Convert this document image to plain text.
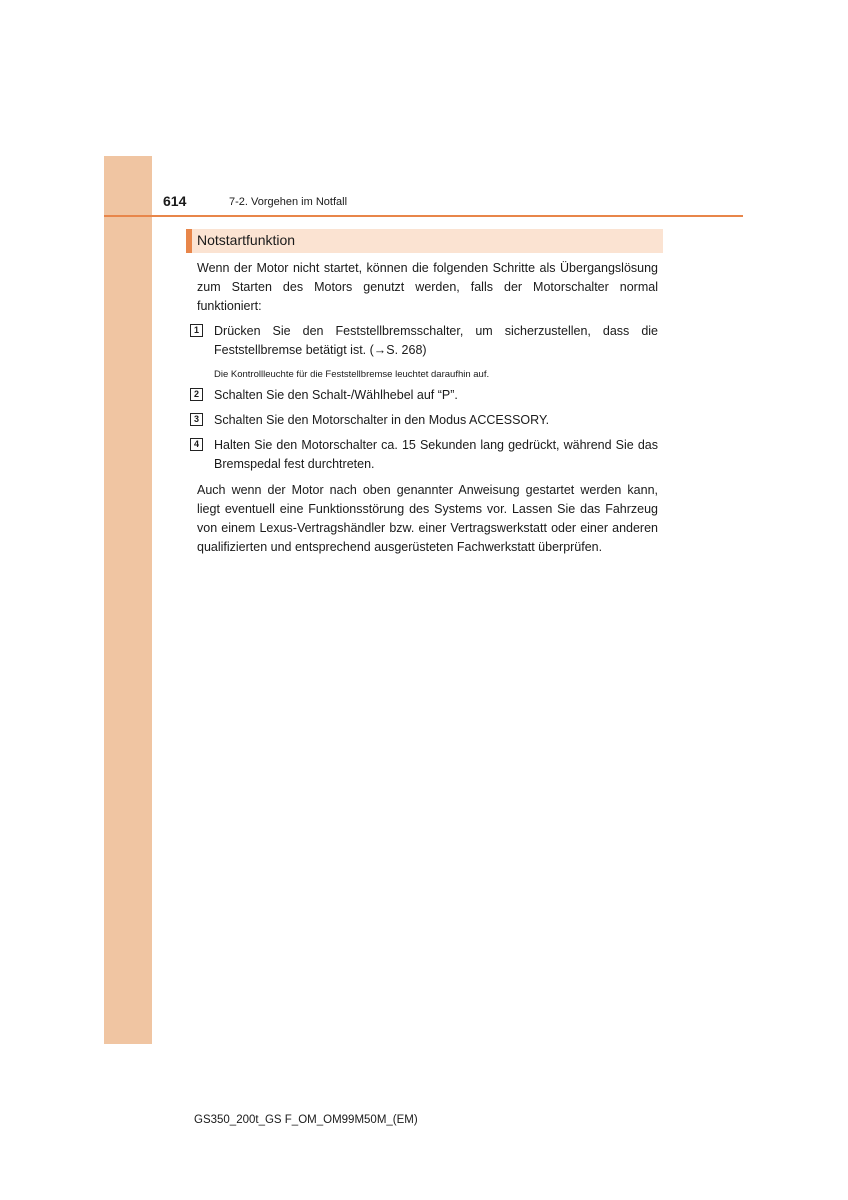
614	7-2. Vorgehen im Notfall
Notstartfunktion

Wenn der Motor nicht startet, können die folgenden Schritte als Übergangslösung zum Starten des Motors genutzt werden, falls der Motorschalter normal funktioniert:

1	Drücken Sie den Feststellbremsschalter, um sicherzustellen, dass die Feststellbremse betätigt ist. (→S. 268)

Die Kontrollleuchte für die Feststellbremse leuchtet daraufhin auf.
2	Schalten Sie den Schalt-/Wählhebel auf “P”.

3	Schalten Sie den Motorschalter in den Modus ACCESSORY.

4	Halten Sie den Motorschalter ca. 15 Sekunden lang gedrückt, während Sie das Bremspedal fest durchtreten.

Auch wenn der Motor nach oben genannter Anweisung gestartet werden kann, liegt eventuell eine Funktionsstörung des Systems vor. Lassen Sie das Fahrzeug von einem Lexus-Vertragshändler bzw. einer Vertragswerkstatt oder einer anderen qualifizierten und entsprechend ausgerüsteten Fachwerkstatt überprüfen.

GS350_200t_GS F_OM_OM99M50M_(EM)
